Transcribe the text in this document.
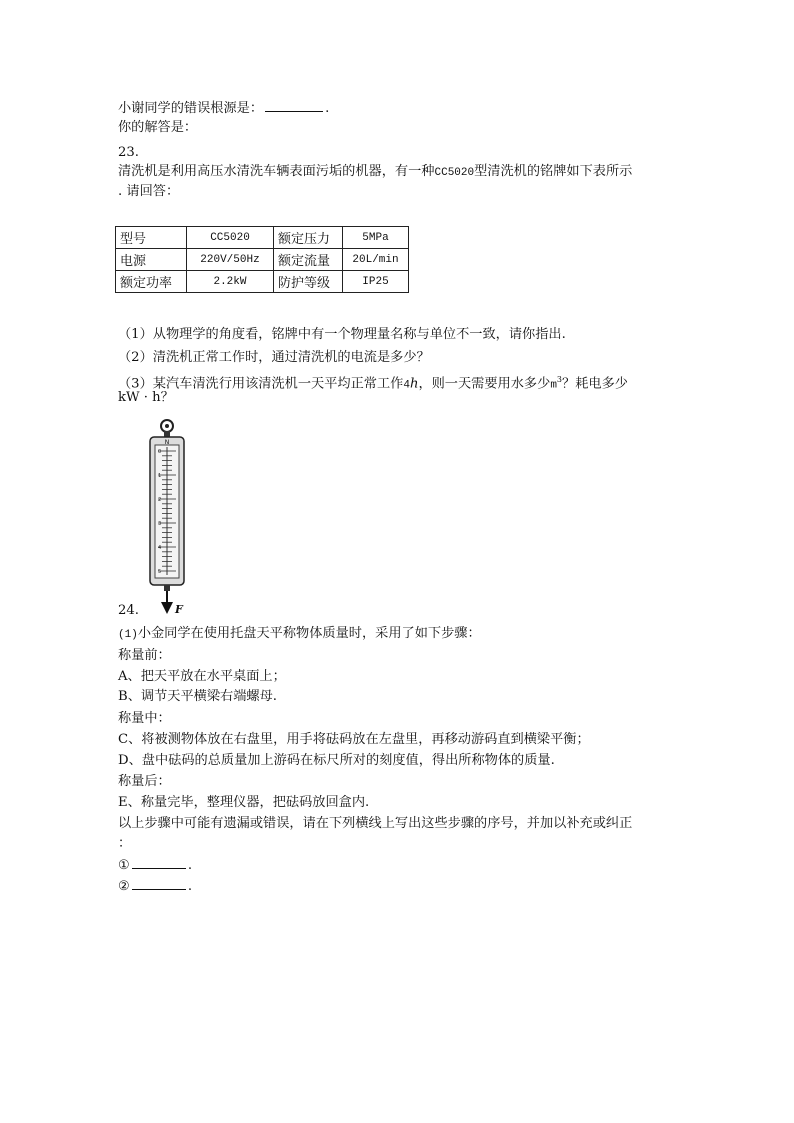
小谢同学的错误根源是：	.
你的解答是：
23.
清洗机是利用高压水清洗车辆表面污垢的机器，有一种CC5020型清洗机的铭牌如下表所示
. 请回答：
型号	CC5020	额定压力	5MPa
电源	220V/50Hz	额定流量	20L/min
额定功率	2.2kW	防护等级	IP25
（1）从物理学的角度看，铭牌中有一个物理量名称与单位不一致，请你指出.
（2）清洗机正常工作时，通过清洗机的电流是多少？
（3）某汽车清洗行用该清洗机一天平均正常工作4h，则一天需要用水多少$m^3$？耗电多少
kW · h？
N
0
1
2
3
4
5
F
24.
(1)小金同学在使用托盘天平称物体质量时，采用了如下步骤：
称量前：
A、把天平放在水平桌面上；
B、调节天平横梁右端螺母.
称量中：
C、将被测物体放在右盘里，用手将砝码放在左盘里，再移动游码直到横梁平衡；
D、盘中砝码的总质量加上游码在标尺所对的刻度值，得出所称物体的质量.
称量后：
E、称量完毕，整理仪器，把砝码放回盒内.
以上步骤中可能有遗漏或错误，请在下列横线上写出这些步骤的序号，并加以补充或纠正
：
①	.
②	.
